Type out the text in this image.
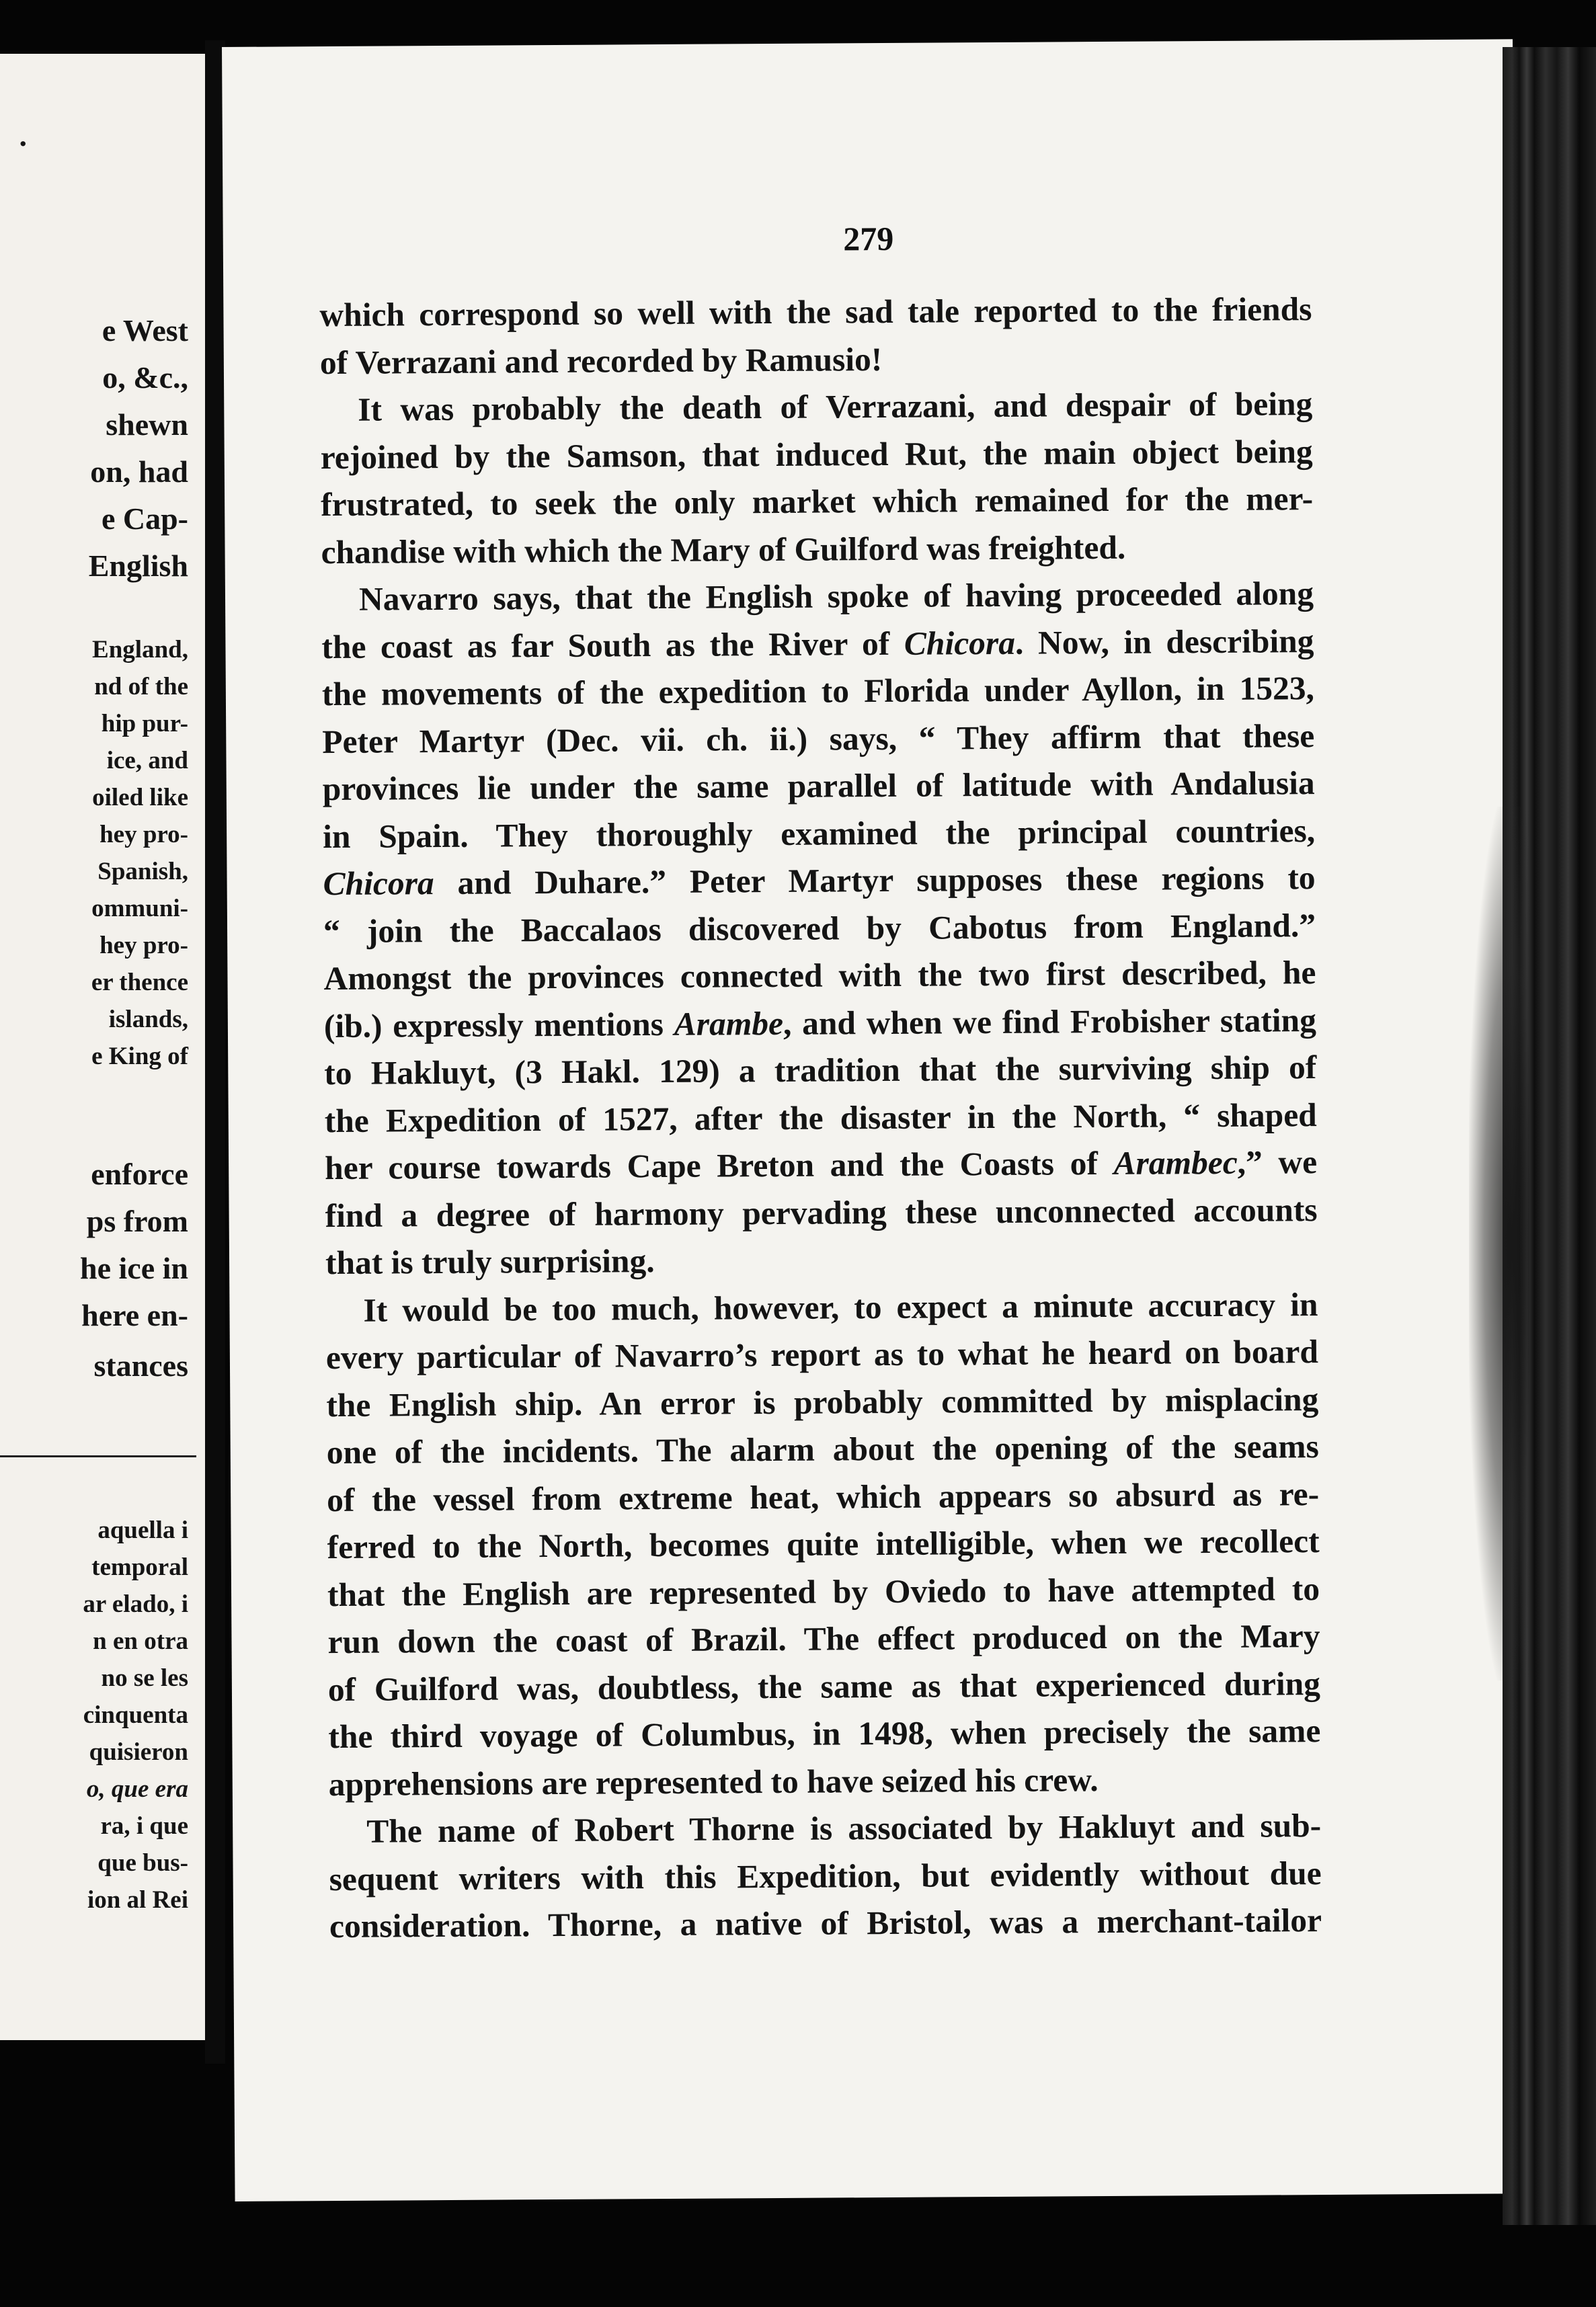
.
e West
o, &c.,
shewn
on, had
e Cap-
English
England,
nd of the
hip pur-
ice, and
oiled like
hey pro-
Spanish,
ommuni-
hey pro-
er thence
islands,
e King of
enforce
ps from
he ice in
here en-
stances
aquella i
temporal
ar elado, i
n en otra
no se les
cinquenta
quisieron
o, que era
ra, i que
que bus-
ion al Rei
279
which correspond so well with the sad tale reported to the friends
of Verrazani and recorded by Ramusio!
It was probably the death of Verrazani, and despair of being
rejoined by the Samson, that induced Rut, the main object being
frustrated, to seek the only market which remained for the mer-
chandise with which the Mary of Guilford was freighted.
Navarro says, that the English spoke of having proceeded along
the coast as far South as the River of Chicora. Now, in describing
the movements of the expedition to Florida under Ayllon, in 1523,
Peter Martyr (Dec. vii. ch. ii.) says, “ They affirm that these
provinces lie under the same parallel of latitude with Andalusia
in Spain. They thoroughly examined the principal countries,
Chicora and Duhare.” Peter Martyr supposes these regions to
“ join the Baccalaos discovered by Cabotus from England.”
Amongst the provinces connected with the two first described, he
(ib.) expressly mentions Arambe, and when we find Frobisher stating
to Hakluyt, (3 Hakl. 129) a tradition that the surviving ship of
the Expedition of 1527, after the disaster in the North, “ shaped
her course towards Cape Breton and the Coasts of Arambec,” we
find a degree of harmony pervading these unconnected accounts
that is truly surprising.
It would be too much, however, to expect a minute accuracy in
every particular of Navarro’s report as to what he heard on board
the English ship. An error is probably committed by misplacing
one of the incidents. The alarm about the opening of the seams
of the vessel from extreme heat, which appears so absurd as re-
ferred to the North, becomes quite intelligible, when we recollect
that the English are represented by Oviedo to have attempted to
run down the coast of Brazil. The effect produced on the Mary
of Guilford was, doubtless, the same as that experienced during
the third voyage of Columbus, in 1498, when precisely the same
apprehensions are represented to have seized his crew.
The name of Robert Thorne is associated by Hakluyt and sub-
sequent writers with this Expedition, but evidently without due
consideration. Thorne, a native of Bristol, was a merchant-tailor
